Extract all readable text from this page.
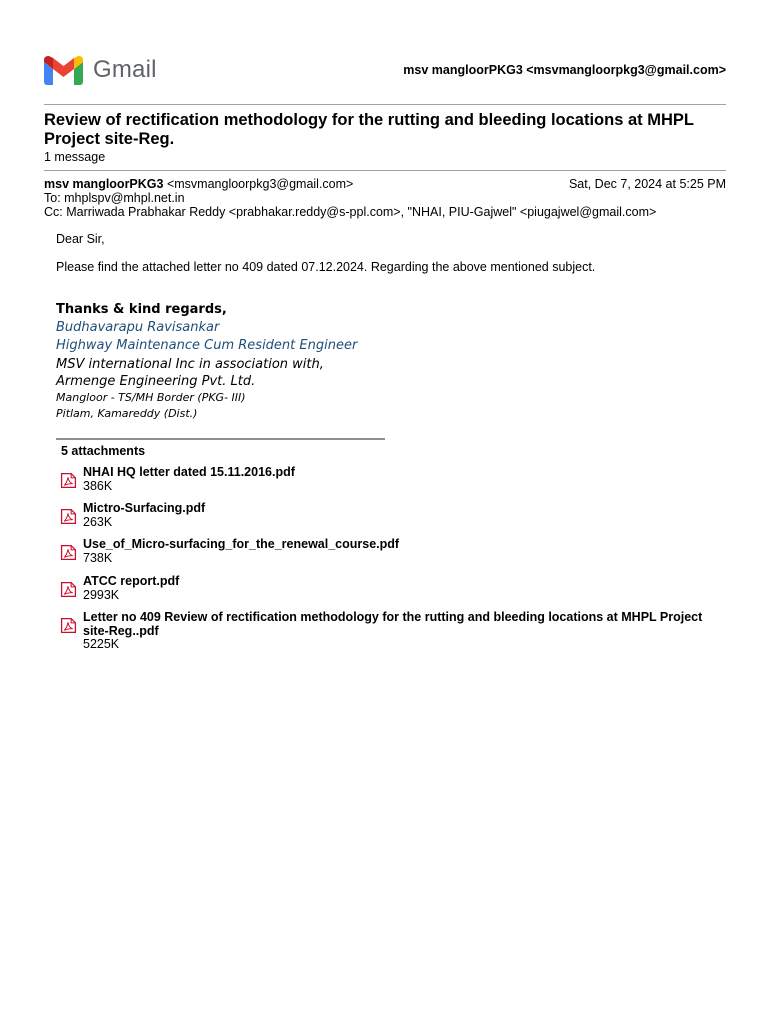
Gmail	msv mangloorPKG3 <msvmangloorpkg3@gmail.com>
Review of rectification methodology for the rutting and bleeding locations at MHPL Project site-Reg.
1 message
msv mangloorPKG3 <msvmangloorpkg3@gmail.com>	Sat, Dec 7, 2024 at 5:25 PM
To: mhplspv@mhpl.net.in
Cc: Marriwada Prabhakar Reddy <prabhakar.reddy@s-ppl.com>, "NHAI, PIU-Gajwel" <piugajwel@gmail.com>
Dear Sir,
Please find the attached letter no 409 dated 07.12.2024. Regarding the above mentioned subject.
Thanks & kind regards,
Budhavarapu Ravisankar
Highway Maintenance Cum Resident Engineer
MSV international Inc in association with,
Armenge Engineering Pvt. Ltd.
Mangloor - TS/MH Border (PKG- III)
Pitlam, Kamareddy (Dist.)
5 attachments
NHAI HQ letter dated 15.11.2016.pdf
386K
Mictro-Surfacing.pdf
263K
Use_of_Micro-surfacing_for_the_renewal_course.pdf
738K
ATCC report.pdf
2993K
Letter no 409 Review of rectification methodology for the rutting and bleeding locations at MHPL Project site-Reg..pdf
5225K
